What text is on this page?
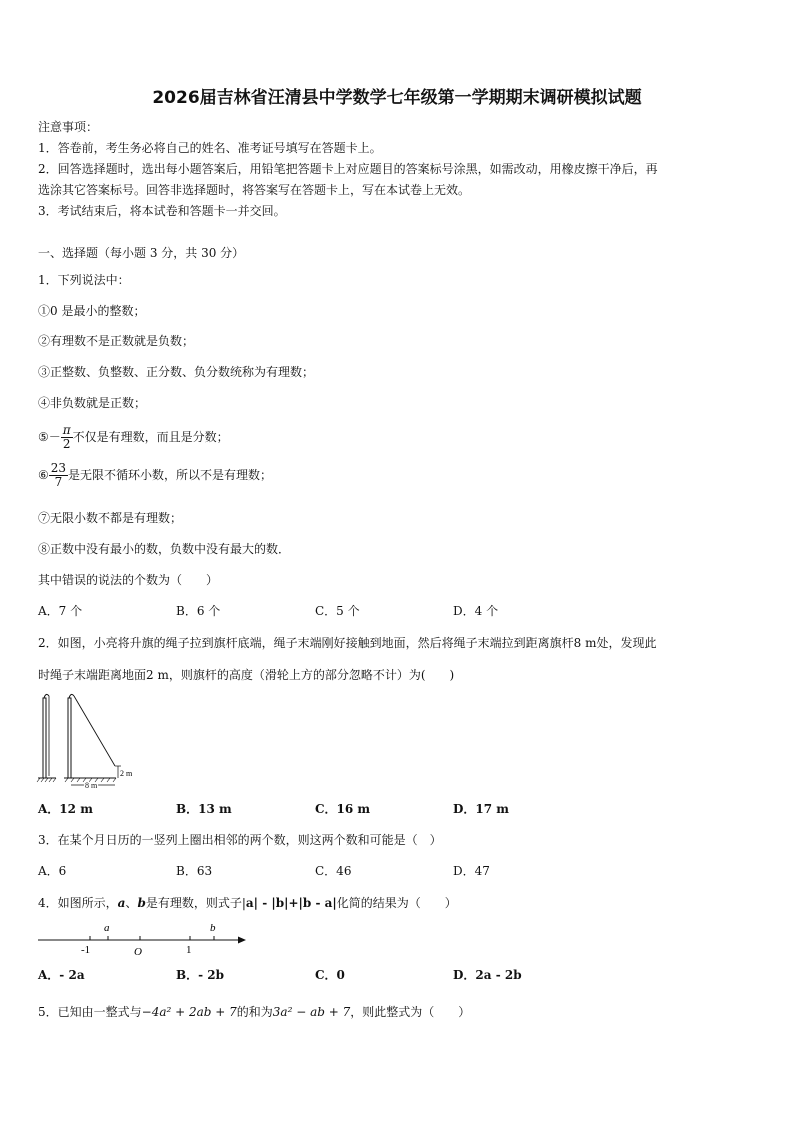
2026届吉林省汪清县中学数学七年级第一学期期末调研模拟试题
注意事项：
1．答卷前，考生务必将自己的姓名、准考证号填写在答题卡上。
2．回答选择题时，选出每小题答案后，用铅笔把答题卡上对应题目的答案标号涂黑，如需改动，用橡皮擦干净后，再
选涂其它答案标号。回答非选择题时，将答案写在答题卡上，写在本试卷上无效。
3．考试结束后，将本试卷和答题卡一并交回。
一、选择题（每小题 3 分，共 30 分）
1．下列说法中：
①0 是最小的整数；
②有理数不是正数就是负数；
③正整数、负整数、正分数、负分数统称为有理数；
④非负数就是正数；
⑤－ $\frac{\pi}{2}$ 不仅是有理数，而且是分数；
⑥ $\frac{23}{7}$ 是无限不循环小数，所以不是有理数；
⑦无限小数不都是有理数；
⑧正数中没有最小的数，负数中没有最大的数．
其中错误的说法的个数为（　　）
A．7 个	B．6 个	C．5 个	D．4 个
2．如图，小亮将升旗的绳子拉到旗杆底端，绳子末端刚好接触到地面，然后将绳子末端拉到距离旗杆8 m处，发现此
时绳子末端距离地面2 m，则旗杆的高度（滑轮上方的部分忽略不计）为(　　)
2 m
8 m
A．12 m	B．13 m	C．16 m	D．17 m
3．在某个月日历的一竖列上圈出相邻的两个数，则这两个数和可能是（　）
A．6	B．63	C．46	D．47
4．如图所示，a、b是有理数，则式子|a| - |b|+|b - a|化简的结果为（　　）
a	b
-1	O	1
A．- 2a	B．- 2b	C．0	D．2a - 2b
5．已知由一整式与−4a² + 2ab + 7的和为3a² − ab + 7，则此整式为（　　）
